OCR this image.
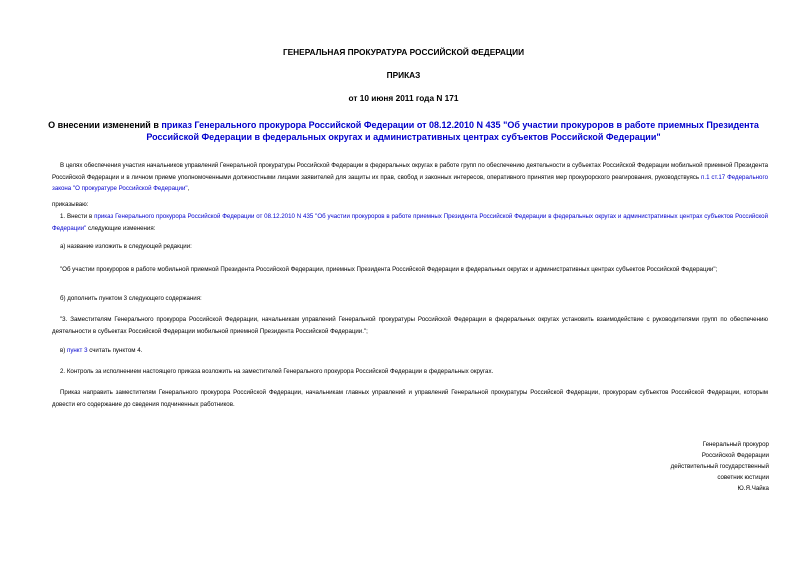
ГЕНЕРАЛЬНАЯ ПРОКУРАТУРА РОССИЙСКОЙ ФЕДЕРАЦИИ
ПРИКАЗ
от 10 июня 2011 года N 171
О внесении изменений в приказ Генерального прокурора Российской Федерации от 08.12.2010 N 435 "Об участии прокуроров в работе приемных Президента Российской Федерации в федеральных округах и административных центрах субъектов Российской Федерации"
В целях обеспечения участия начальников управлений Генеральной прокуратуры Российской Федерации в федеральных округах в работе групп по обеспечению деятельности в субъектах Российской Федерации мобильной приемной Президента Российской Федерации и в личном приеме уполномоченными должностными лицами заявителей для защиты их прав, свобод и законных интересов, оперативного принятия мер прокурорского реагирования, руководствуясь п.1 ст.17 Федерального закона "О прокуратуре Российской Федерации",
приказываю:
1. Внести в приказ Генерального прокурора Российской Федерации от 08.12.2010 N 435 "Об участии прокуроров в работе приемных Президента Российской Федерации в федеральных округах и административных центрах субъектов Российской Федерации" следующие изменения:
а) название изложить в следующей редакции:
"Об участии прокуроров в работе мобильной приемной Президента Российской Федерации, приемных Президента Российской Федерации в федеральных округах и административных центрах субъектов Российской Федерации";
б) дополнить пунктом 3 следующего содержания:
"3. Заместителям Генерального прокурора Российской Федерации, начальникам управлений Генеральной прокуратуры Российской Федерации в федеральных округах установить взаимодействие с руководителями групп по обеспечению деятельности в субъектах Российской Федерации мобильной приемной Президента Российской Федерации.";
в) пункт 3 считать пунктом 4.
2. Контроль за исполнением настоящего приказа возложить на заместителей Генерального прокурора Российской Федерации в федеральных округах.
Приказ направить заместителям Генерального прокурора Российской Федерации, начальникам главных управлений и управлений Генеральной прокуратуры Российской Федерации, прокурорам субъектов Российской Федерации, которым довести его содержание до сведения подчиненных работников.
Генеральный прокурор
Российской Федерации
действительный государственный
советник юстиции
Ю.Я.Чайка
